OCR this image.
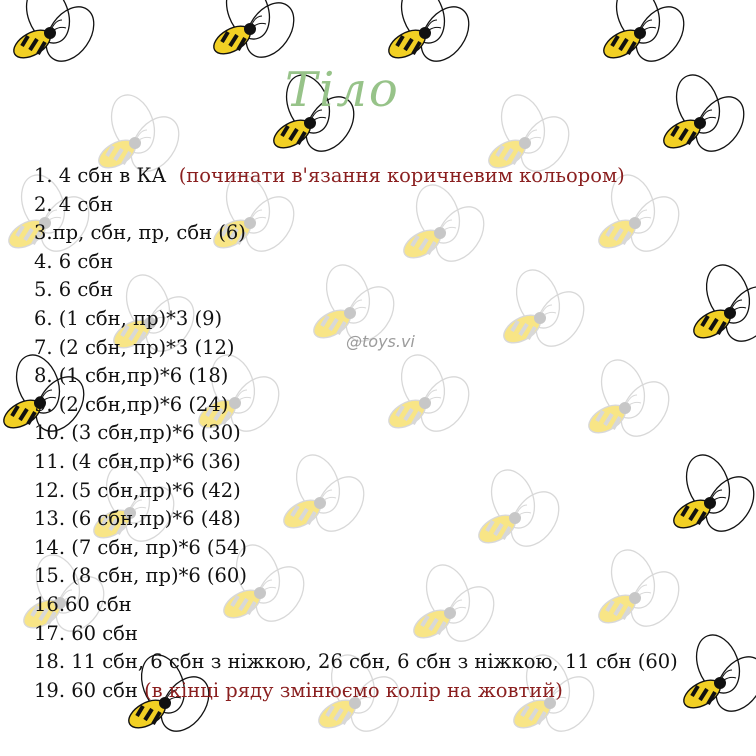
Тіло
@toys.vi
1. 4 сбн в КА  (починати в'язання коричневим кольором)
2. 4 сбн
3.пр, сбн, пр, сбн (6)
4. 6 сбн
5. 6 сбн
6. (1 сбн, пр)*3 (9)
7. (2 сбн, пр)*3 (12)
8. (1 сбн,пр)*6 (18)
9. (2 сбн,пр)*6 (24)
10. (3 сбн,пр)*6 (30)
11. (4 сбн,пр)*6 (36)
12. (5 сбн,пр)*6 (42)
13. (6 сбн,пр)*6 (48)
14. (7 сбн, пр)*6 (54)
15. (8 сбн, пр)*6 (60)
16.60 сбн
17. 60 сбн
18. 11 сбн, 6 сбн з ніжкою, 26 сбн, 6 сбн з ніжкою, 11 сбн (60)
19. 60 сбн (в кінці ряду змінюємо колір на жовтий)
